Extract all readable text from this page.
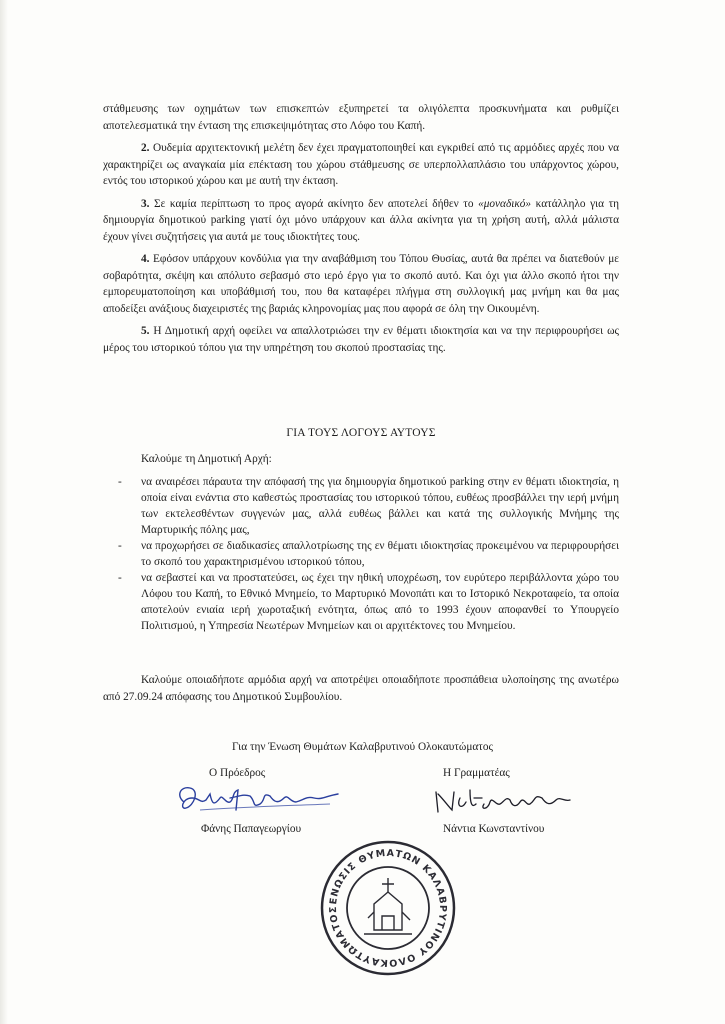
στάθμευσης των οχημάτων των επισκεπτών εξυπηρετεί τα ολιγόλεπτα προσκυνήματα και ρυθμίζει αποτελεσματικά την ένταση της επισκεψιμότητας στο Λόφο του Καπή.

2. Ουδεμία αρχιτεκτονική μελέτη δεν έχει πραγματοποιηθεί και εγκριθεί από τις αρμόδιες αρχές που να χαρακτηρίζει ως αναγκαία μία επέκταση του χώρου στάθμευσης σε υπερπολλαπλάσιο του υπάρχοντος χώρου, εντός του ιστορικού χώρου και με αυτή την έκταση.

3. Σε καμία περίπτωση το προς αγορά ακίνητο δεν αποτελεί δήθεν το «μοναδικό» κατάλληλο για τη δημιουργία δημοτικού parking γιατί όχι μόνο υπάρχουν και άλλα ακίνητα για τη χρήση αυτή, αλλά μάλιστα έχουν γίνει συζητήσεις για αυτά με τους ιδιοκτήτες τους.

4. Εφόσον υπάρχουν κονδύλια για την αναβάθμιση του Τόπου Θυσίας, αυτά θα πρέπει να διατεθούν με σοβαρότητα, σκέψη και απόλυτο σεβασμό στο ιερό έργο για το σκοπό αυτό. Και όχι για άλλο σκοπό ήτοι την εμπορευματοποίηση και υποβάθμισή του, που θα καταφέρει πλήγμα στη συλλογική μας μνήμη και θα μας αποδείξει ανάξιους διαχειριστές της βαριάς κληρονομίας μας που αφορά σε όλη την Οικουμένη.

5. Η Δημοτική αρχή οφείλει να απαλλοτριώσει την εν θέματι ιδιοκτησία και να την περιφρουρήσει ως μέρος του ιστορικού τόπου για την υπηρέτηση του σκοπού προστασίας της.

ΓΙΑ ΤΟΥΣ ΛΟΓΟΥΣ ΑΥΤΟΥΣ
Καλούμε τη Δημοτική Αρχή:
- να αναιρέσει πάραυτα την απόφασή της για δημιουργία δημοτικού parking στην εν θέματι ιδιοκτησία, η οποία είναι ενάντια στο καθεστώς προστασίας του ιστορικού τόπου, ευθέως προσβάλλει την ιερή μνήμη των εκτελεσθέντων συγγενών μας, αλλά ευθέως βάλλει και κατά της συλλογικής Μνήμης της Μαρτυρικής πόλης μας,
- να προχωρήσει σε διαδικασίες απαλλοτρίωσης της εν θέματι ιδιοκτησίας προκειμένου να περιφρουρήσει το σκοπό του χαρακτηρισμένου ιστορικού τόπου,
- να σεβαστεί και να προστατεύσει, ως έχει την ηθική υποχρέωση, τον ευρύτερο περιβάλλοντα χώρο του Λόφου του Καπή, το Εθνικό Μνημείο, το Μαρτυρικό Μονοπάτι και το Ιστορικό Νεκροταφείο, τα οποία αποτελούν ενιαία ιερή χωροταξική ενότητα, όπως από το 1993 έχουν αποφανθεί το Υπουργείο Πολιτισμού, η Υπηρεσία Νεωτέρων Μνημείων και οι αρχιτέκτονες του Μνημείου.

Καλούμε οποιαδήποτε αρμόδια αρχή να αποτρέψει οποιαδήποτε προσπάθεια υλοποίησης της ανωτέρω από 27.09.24 απόφασης του Δημοτικού Συμβουλίου.

Για την Ένωση Θυμάτων Καλαβρυτινού Ολοκαυτώματος
Ο Πρόεδρος	Η Γραμματέας
Φάνης Παπαγεωργίου	Νάντια Κωνσταντίνου
ΕΝΩΣΙΣ ΘΥΜΑΤΩΝ ΚΑΛΑΒΡΥΤΙΝΟΥ ΟΛΟΚΑΥΤΩΜΑΤΟΣ
